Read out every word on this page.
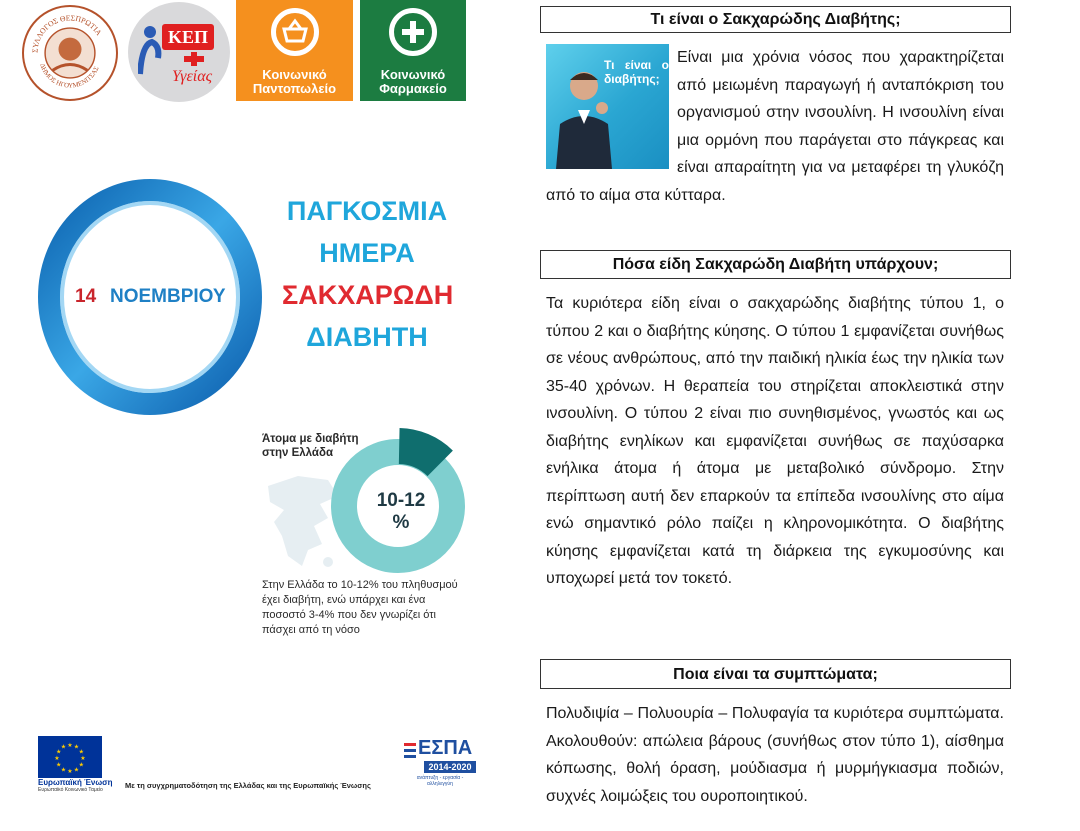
ΣΥΛΛΟΓΟΣ ΘΕΣΠΡΩΤΙΑ
ΔΗΜΟΣ ΗΓΟΥΜΕΝΙΤΣΑΣ
ΚΕΠ
Υγείας	Κοινωνικό Παντοπωλείο
Κοινωνικό Φαρμακείο
14 ΝΟΕΜΒΡΙΟΥ
ΠΑΓΚΟΣΜΙΑ
ΗΜΕΡΑ
ΣΑΚΧΑΡΩΔΗ
ΔΙΑΒΗΤΗ
Άτομα με διαβήτη στην Ελλάδα
10-12 %
Στην Ελλάδα το 10-12% του πληθυσμού έχει διαβήτη, ενώ υπάρχει και ένα ποσοστό 3-4% που δεν γνωρίζει ότι πάσχει από τη νόσο
★
★
★
★
★
★
★
★
★ ★ ★
★
Ευρωπαϊκή Ένωση
Ευρωπαϊκό Κοινωνικό Ταμείο	Με τη συγχρηματοδότηση της Ελλάδας και της Ευρωπαϊκής Ένωσης
ΕΣΠΑ
2014-2020
ανάπτυξη - εργασία - αλληλεγγύη
Τι είναι ο Σακχαρώδης Διαβήτης;
Τι είναι ο διαβήτης;

Είναι μια χρόνια νόσος που χαρακτηρίζεται από μειωμένη παραγωγή ή ανταπόκριση του οργανισμού στην ινσουλίνη. Η ινσουλίνη είναι μια ορμόνη που παράγεται στο πάγκρεας και είναι απαραίτητη για να μεταφέρει τη γλυκόζη από το αίμα στα κύτταρα.

Πόσα είδη Σακχαρώδη Διαβήτη υπάρχουν;

Τα κυριότερα είδη είναι ο σακχαρώδης διαβήτης τύπου 1, ο τύπου 2 και ο διαβήτης κύησης. Ο τύπου 1 εμφανίζεται συνήθως σε νέους ανθρώπους, από την παιδική ηλικία έως την ηλικία των 35-40 χρόνων. Η θεραπεία του στηρίζεται αποκλειστικά στην ινσουλίνη. Ο τύπου 2 είναι πιο συνηθισμένος, γνωστός και ως διαβήτης ενηλίκων και εμφανίζεται συνήθως σε παχύσαρκα ενήλικα άτομα ή άτομα με μεταβολικό σύνδρομο. Στην περίπτωση αυτή δεν επαρκούν τα επίπεδα ινσουλίνης στο αίμα ενώ σημαντικό ρόλο παίζει η κληρονομικότητα. Ο διαβήτης κύησης εμφανίζεται κατά τη διάρκεια της εγκυμοσύνης και υποχωρεί μετά τον τοκετό.

Ποια είναι τα συμπτώματα;

Πολυδιψία – Πολυουρία – Πολυφαγία τα κυριότερα συμπτώματα. Ακολουθούν: απώλεια βάρους (συνήθως στον τύπο 1), αίσθημα κόπωσης, θολή όραση, μούδιασμα ή μυρμήγκιασμα ποδιών, συχνές λοιμώξεις του ουροποιητικού.
